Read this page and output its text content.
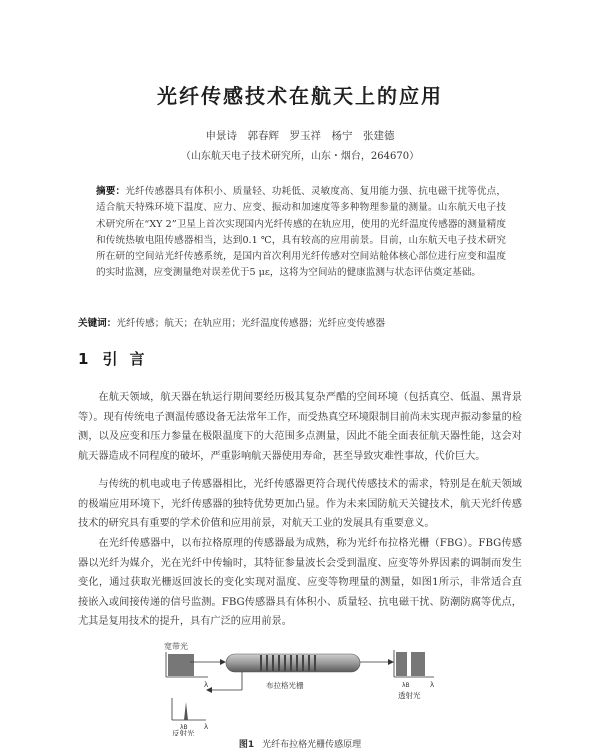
光纤传感技术在航天上的应用
申景诗　郭春辉　罗玉祥　杨宁　张建德
（山东航天电子技术研究所，山东・烟台，264670）

摘要：光纤传感器具有体积小、质量轻、功耗低、灵敏度高、复用能力强、抗电磁干扰等优点，适合航天特殊环境下温度、应力、应变、振动和加速度等多种物理参量的测量。山东航天电子技术研究所在“XY 2”卫星上首次实现国内光纤传感的在轨应用，使用的光纤温度传感器的测量精度和传统热敏电阻传感器相当，达到0.1 ℃，具有较高的应用前景。目前，山东航天电子技术研究所在研的空间站光纤传感系统，是国内首次利用光纤传感对空间站舱体核心部位进行应变和温度的实时监测，应变测量绝对误差优于5 με，这将为空间站的健康监测与状态评估奠定基础。

关键词：光纤传感；航天；在轨应用；光纤温度传感器；光纤应变传感器

1 引言

在航天领域，航天器在轨运行期间要经历极其复杂严酷的空间环境（包括真空、低温、黑背景等）。现有传统电子测温传感设备无法常年工作，而受热真空环境限制目前尚未实现声振动参量的检测，以及应变和压力参量在极限温度下的大范围多点测量，因此不能全面表征航天器性能，这会对航天器造成不同程度的破坏，严重影响航天器使用寿命，甚至导致灾难性事故，代价巨大。

与传统的机电或电子传感器相比，光纤传感器更符合现代传感技术的需求，特别是在航天领域的极端应用环境下，光纤传感器的独特优势更加凸显。作为未来国防航天关键技术，航天光纤传感技术的研究具有重要的学术价值和应用前景，对航天工业的发展具有重要意义。

在光纤传感器中，以布拉格原理的传感器最为成熟，称为光纤布拉格光栅（FBG）。FBG传感器以光纤为媒介，光在光纤中传输时，其特征参量波长会受到温度、应变等外界因素的调制而发生变化，通过获取光栅返回波长的变化实现对温度、应变等物理量的测量，如图1所示，非常适合直接嵌入或间接传递的信号监测。FBG传感器具有体积小、质量轻、抗电磁干扰、防潮防腐等优点，尤其是复用技术的提升，具有广泛的应用前景。

宽带光
λ	布拉格光栅	λB	λ
透射光
λB λ
反射光
图1 光纤布拉格光栅传感原理
